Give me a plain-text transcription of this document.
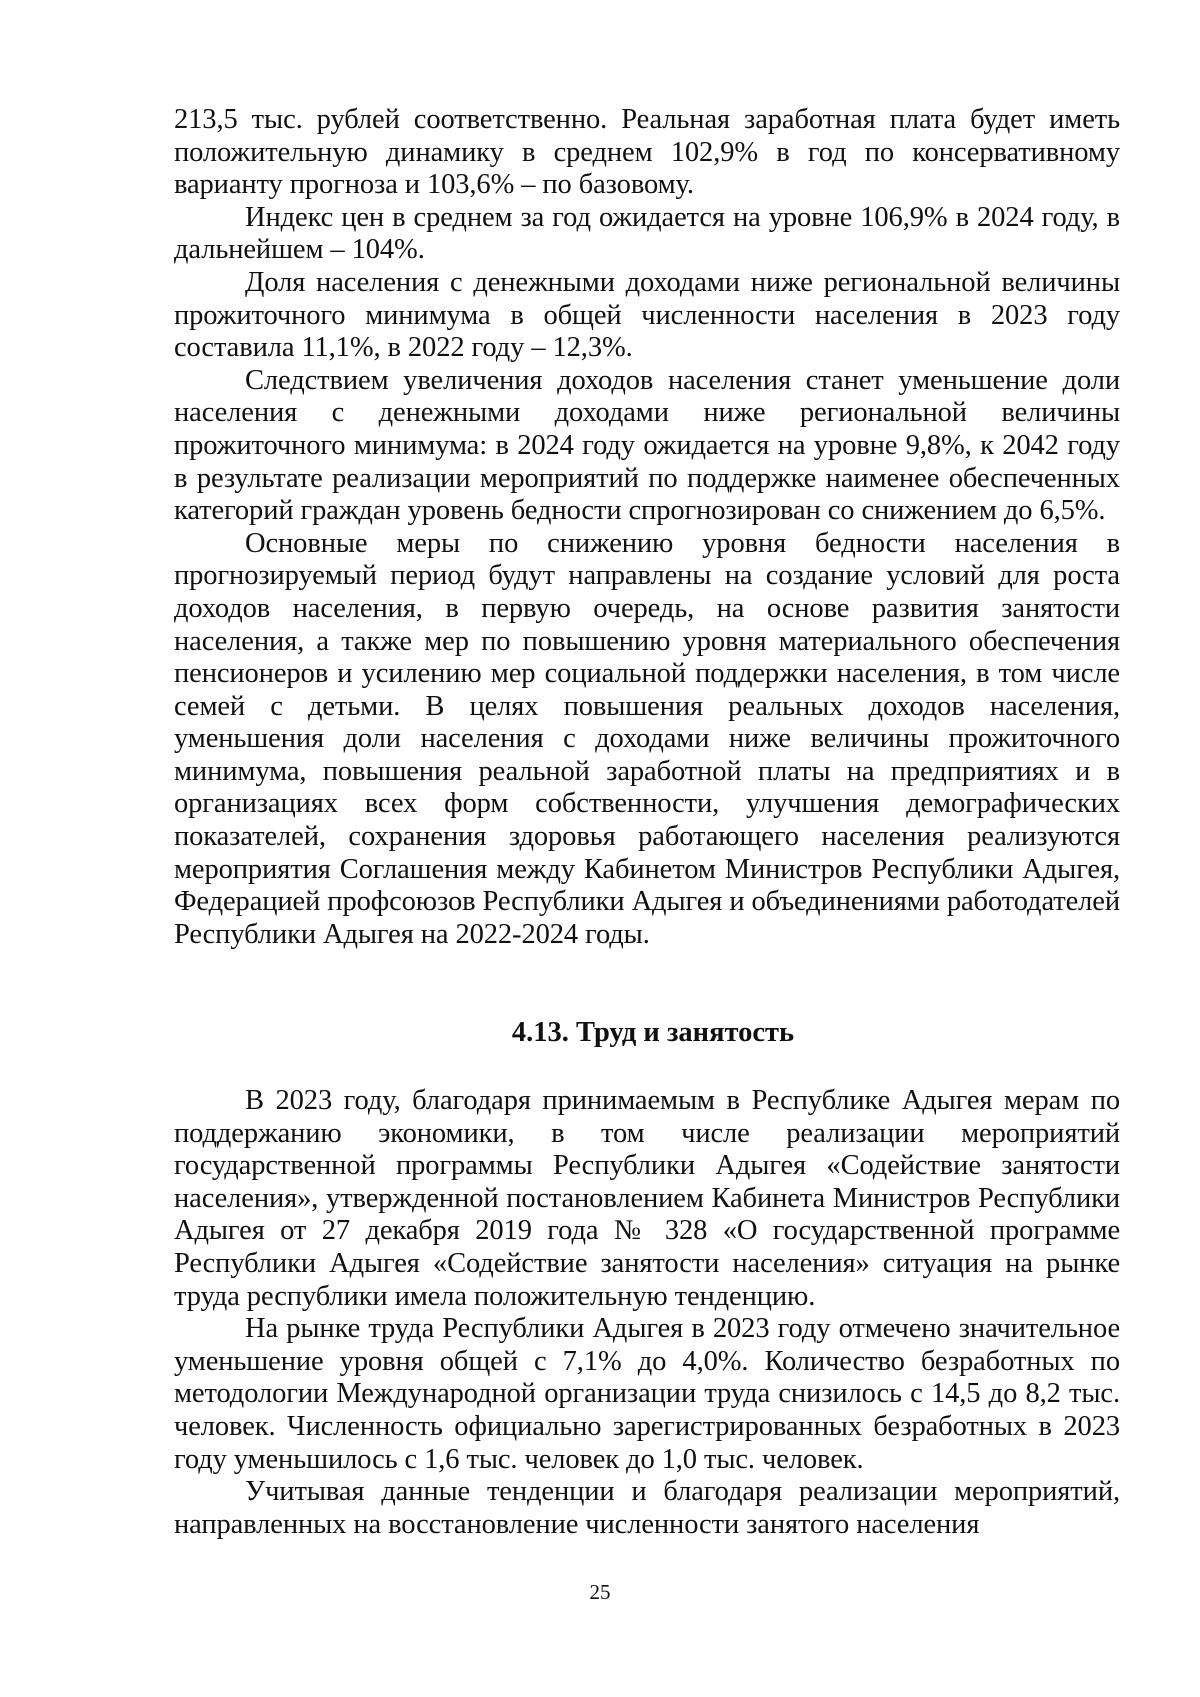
213,5 тыс. рублей соответственно. Реальная заработная плата будет иметь положительную динамику в среднем 102,9% в год по консервативному варианту прогноза и 103,6% – по базовому.

Индекс цен в среднем за год ожидается на уровне 106,9% в 2024 году, в дальнейшем – 104%.

Доля населения с денежными доходами ниже региональной величины прожиточного минимума в общей численности населения в 2023 году составила 11,1%, в 2022 году – 12,3%.

Следствием увеличения доходов населения станет уменьшение доли населения с денежными доходами ниже региональной величины прожиточного минимума: в 2024 году ожидается на уровне 9,8%, к 2042 году в результате реализации мероприятий по поддержке наименее обеспеченных категорий граждан уровень бедности спрогнозирован со снижением до 6,5%.

Основные меры по снижению уровня бедности населения в прогнозируемый период будут направлены на создание условий для роста доходов населения, в первую очередь, на основе развития занятости населения, а также мер по повышению уровня материального обеспечения пенсионеров и усилению мер социальной поддержки населения, в том числе семей с детьми. В целях повышения реальных доходов населения, уменьшения доли населения с доходами ниже величины прожиточного минимума, повышения реальной заработной платы на предприятиях и в организациях всех форм собственности, улучшения демографических показателей, сохранения здоровья работающего населения реализуются мероприятия Соглашения между Кабинетом Министров Республики Адыгея, Федерацией профсоюзов Республики Адыгея и объединениями работодателей Республики Адыгея на 2022-2024 годы.

4.13. Труд и занятость

В 2023 году, благодаря принимаемым в Республике Адыгея мерам по поддержанию экономики, в том числе реализации мероприятий государственной программы Республики Адыгея «Содействие занятости населения», утвержденной постановлением Кабинета Министров Республики Адыгея от 27 декабря 2019 года № 328 «О государственной программе Республики Адыгея «Содействие занятости населения» ситуация на рынке труда республики имела положительную тенденцию.

На рынке труда Республики Адыгея в 2023 году отмечено значительное уменьшение уровня общей с 7,1% до 4,0%. Количество безработных по методологии Международной организации труда снизилось с 14,5 до 8,2 тыс. человек. Численность официально зарегистрированных безработных в 2023 году уменьшилось с 1,6 тыс. человек до 1,0 тыс. человек.

Учитывая данные тенденции и благодаря реализации мероприятий, направленных на восстановление численности занятого населения

25
